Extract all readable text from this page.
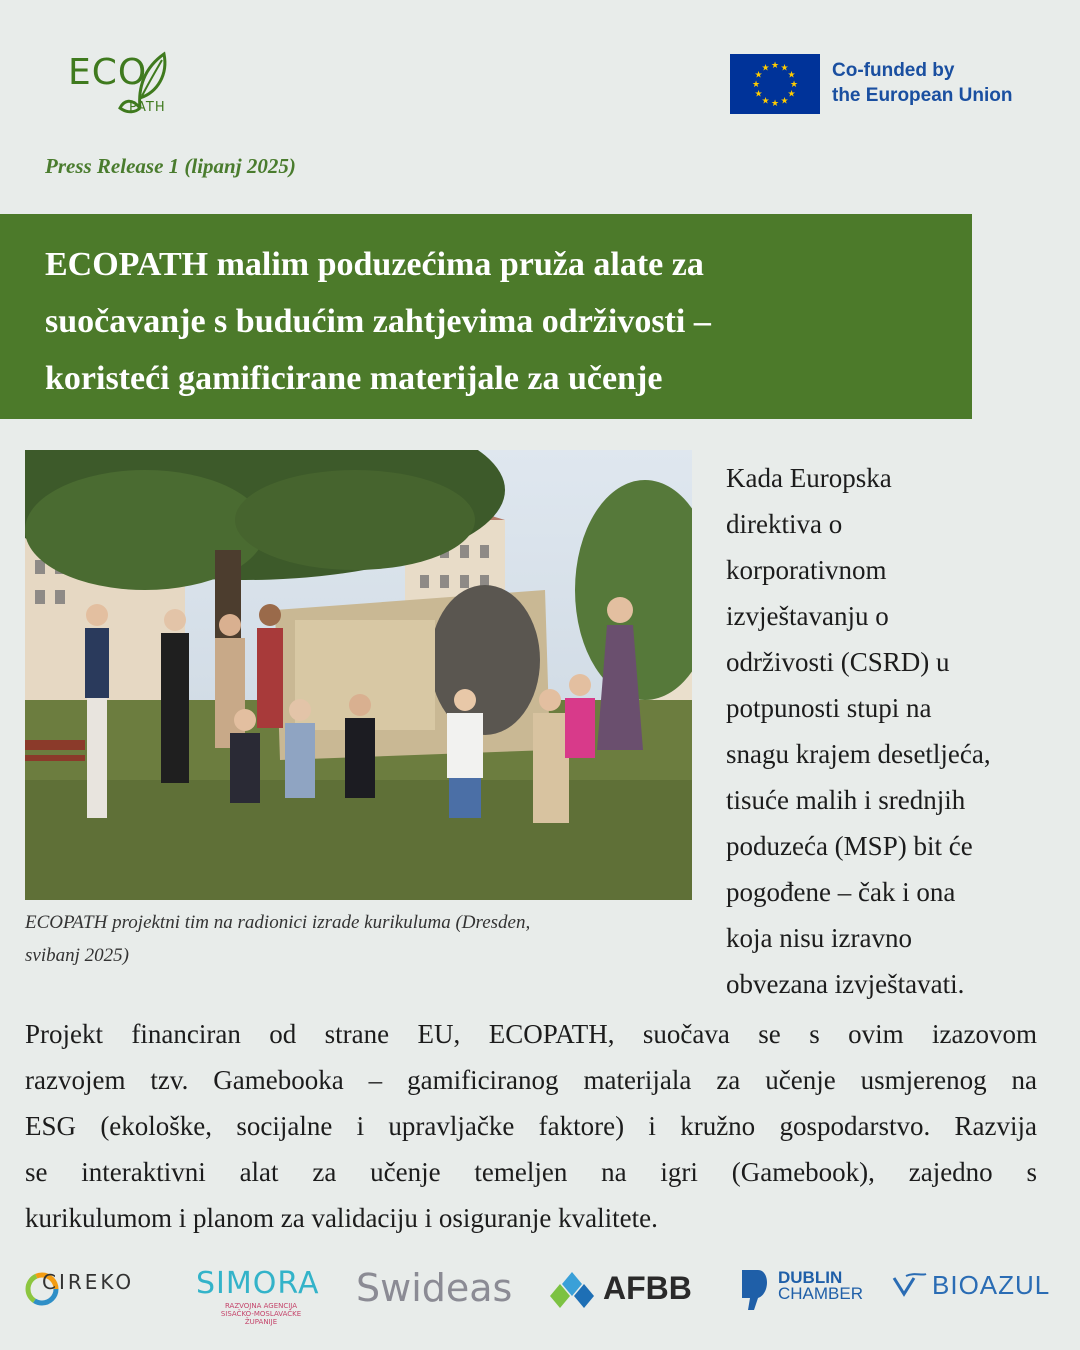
ECO
PATH
★ ★
★
★
★
★
★
★
★
★
★
★	Co-funded by
the European Union
Press Release 1 (lipanj 2025)
ECOPATH malim poduzećima pruža alate za
suočavanje s budućim zahtjevima održivosti –
koristeći gamificirane materijale za učenje
ECOPATH projektni tim na radionici izrade kurikuluma (Dresden,
svibanj 2025)
Kada Europska
direktiva o
korporativnom
izvještavanju o
održivosti (CSRD) u
potpunosti stupi na
snagu krajem desetljeća,
tisuće malih i srednjih
poduzeća (MSP) bit će
pogođene – čak i ona
koja nisu izravno
obvezana izvještavati.
Projekt financiran od strane EU, ECOPATH, suočava se s ovim izazovom
razvojem tzv. Gamebooka – gamificiranog materijala za učenje usmjerenog na
ESG (ekološke, socijalne i upravljačke faktore) i kružno gospodarstvo. Razvija
se interaktivni alat za učenje temeljen na igri (Gamebook), zajedno s
kurikulumom i planom za validaciju i osiguranje kvalitete.
CIREKO SIMORA
RAZVOJNA AGENCIJA
SISAČKO-MOSLAVAČKE ŽUPANIJE
Swideas	AFBB	DUBLIN
CHAMBER	BIOAZUL
